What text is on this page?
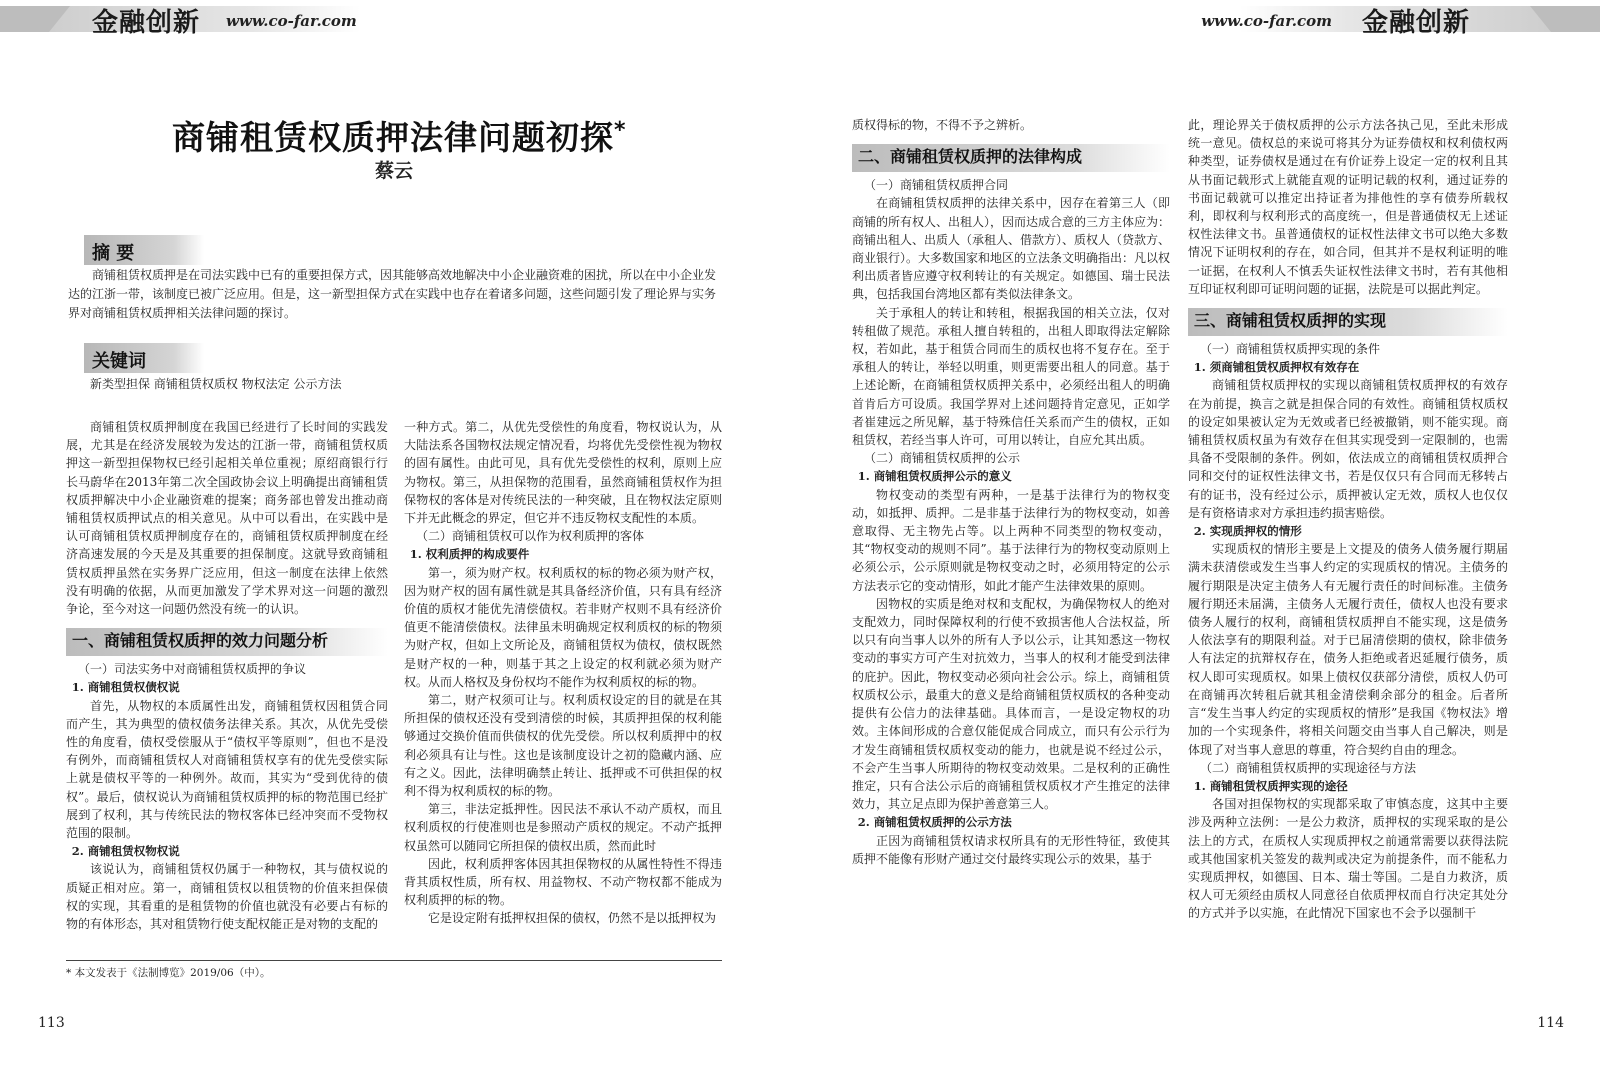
金融创新 www.co-far.com
商铺租赁权质押法律问题初探*
蔡云
摘 要
商铺租赁权质押是在司法实践中已有的重要担保方式，因其能够高效地解决中小企业融资难的困扰，所以在中小企业发达的江浙一带，该制度已被广泛应用。但是，这一新型担保方式在实践中也存在着诸多问题，这些问题引发了理论界与实务界对商铺租赁权质押相关法律问题的探讨。
关键词
新类型担保 商铺租赁权质权 物权法定 公示方法

商铺租赁权质押制度在我国已经进行了长时间的实践发展，尤其是在经济发展较为发达的江浙一带，商铺租赁权质押这一新型担保物权已经引起相关单位重视；原绍商银行行长马蔚华在2013年第二次全国政协会议上明确提出商铺租赁权质押解决中小企业融资难的提案；商务部也曾发出推动商铺租赁权质押试点的相关意见。从中可以看出，在实践中是认可商铺租赁权质押制度存在的，商铺租赁权质押制度在经济高速发展的今天是及其重要的担保制度。这就导致商铺租赁权质押虽然在实务界广泛应用，但这一制度在法律上依然没有明确的依据，从而更加激发了学术界对这一问题的激烈争论，至今对这一问题仍然没有统一的认识。

一、商铺租赁权质押的效力问题分析
（一）司法实务中对商铺租赁权质押的争议
1. 商铺租赁权债权说

首先，从物权的本质属性出发，商铺租赁权因租赁合同而产生，其为典型的债权债务法律关系。其次，从优先受偿性的角度看，债权受偿服从于“债权平等原则”，但也不是没有例外，而商铺租赁权人对商铺租赁权享有的优先受偿实际上就是债权平等的一种例外。故而，其实为“受到优待的债权”。最后，债权说认为商铺租赁权质押的标的物范围已经扩展到了权利，其与传统民法的物权客体已经冲突而不受物权范围的限制。

2. 商铺租赁权物权说

该说认为，商铺租赁权仍属于一种物权，其与债权说的质疑正相对应。第一，商铺租赁权以租赁物的价值来担保债权的实现，其看重的是租赁物的价值也就没有必要占有标的物的有体形态，其对租赁物行使支配权能正是对物的支配的

一种方式。第二，从优先受偿性的角度看，物权说认为，从大陆法系各国物权法规定情况看，均将优先受偿性视为物权的固有属性。由此可见，具有优先受偿性的权利，原则上应为物权。第三，从担保物的范围看，虽然商铺租赁权作为担保物权的客体是对传统民法的一种突破，且在物权法定原则下并无此概念的界定，但它并不违反物权支配性的本质。

（二）商铺租赁权可以作为权利质押的客体
1. 权利质押的构成要件

第一，须为财产权。权利质权的标的物必须为财产权，因为财产权的固有属性就是其具备经济价值，只有具有经济价值的质权才能优先清偿债权。若非财产权则不具有经济价值更不能清偿债权。法律虽未明确规定权利质权的标的物须为财产权，但如上文所论及，商铺租赁权为债权，债权既然是财产权的一种，则基于其之上设定的权利就必须为财产权。从而人格权及身份权均不能作为权利质权的标的物。

第二，财产权须可让与。权利质权设定的目的就是在其所担保的债权还没有受到清偿的时候，其质押担保的权利能够通过交换价值而供债权的优先受偿。所以权利质押中的权利必须具有让与性。这也是该制度设计之初的隐藏内涵、应有之义。因此，法律明确禁止转让、抵押或不可供担保的权利不得为权利质权的标的物。

第三，非法定抵押性。因民法不承认不动产质权，而且权利质权的行使准则也是参照动产质权的规定。不动产抵押权虽然可以随同它所担保的债权出质，然而此时

因此，权利质押客体因其担保物权的从属性特性不得违背其质权性质，所有权、用益物权、不动产物权都不能成为权利质押的标的物。

它是设定附有抵押权担保的债权，仍然不是以抵押权为

* 本文发表于《法制博览》2019/06（中）。
113
www.co-far.com 金融创新

质权得标的物，不得不予之辨析。

二、商铺租赁权质押的法律构成
（一）商铺租赁权质押合同

在商铺租赁权质押的法律关系中，因存在着第三人（即商铺的所有权人、出租人），因而达成合意的三方主体应为：商铺出租人、出质人（承租人、借款方）、质权人（贷款方、商业银行）。大多数国家和地区的立法条文明确指出：凡以权利出质者皆应遵守权利转让的有关规定。如德国、瑞士民法典，包括我国台湾地区都有类似法律条文。

关于承租人的转让和转租，根据我国的相关立法，仅对转租做了规范。承租人擅自转租的，出租人即取得法定解除权，若如此，基于租赁合同而生的质权也将不复存在。至于承租人的转让，举轻以明重，则更需要出租人的同意。基于上述论断，在商铺租赁权质押关系中，必须经出租人的明确首肯后方可设质。我国学界对上述问题持肯定意见，正如学者崔建远之所见解，基于特殊信任关系而产生的债权，正如租赁权，若经当事人许可，可用以转让，自应允其出质。

（二）商铺租赁权质押的公示
1. 商铺租赁权质押公示的意义

物权变动的类型有两种，一是基于法律行为的物权变动，如抵押、质押。二是非基于法律行为的物权变动，如善意取得、无主物先占等。以上两种不同类型的物权变动，其“物权变动的规则不同”。基于法律行为的物权变动原则上必须公示，公示原则就是物权变动之时，必须用特定的公示方法表示它的变动情形，如此才能产生法律效果的原则。

因物权的实质是绝对权和支配权，为确保物权人的绝对支配效力，同时保障权利的行使不致损害他人合法权益，所以只有向当事人以外的所有人予以公示，让其知悉这一物权变动的事实方可产生对抗效力，当事人的权利才能受到法律的庇护。因此，物权变动必须向社会公示。综上，商铺租赁权质权公示，最重大的意义是给商铺租赁权质权的各种变动提供有公信力的法律基础。具体而言，一是设定物权的功效。主体间形成的合意仅能促成合同成立，而只有公示行为才发生商铺租赁权质权变动的能力，也就是说不经过公示，不会产生当事人所期待的物权变动效果。二是权利的正确性推定，只有合法公示后的商铺租赁权质权才产生推定的法律效力，其立足点即为保护善意第三人。

2. 商铺租赁权质押的公示方法

正因为商铺租赁权请求权所具有的无形性特征，致使其质押不能像有形财产通过交付最终实现公示的效果，基于

此，理论界关于债权质押的公示方法各执己见，至此未形成统一意见。债权总的来说可将其分为证券债权和权利债权两种类型，证券债权是通过在有价证券上设定一定的权利且其从书面记载形式上就能直观的证明记载的权利，通过证券的书面记载就可以推定出持证者为排他性的享有债券所载权利，即权利与权利形式的高度统一，但是普通债权无上述证权性法律文书。虽普通债权的证权性法律文书可以绝大多数情况下证明权利的存在，如合同，但其并不是权利证明的唯一证据，在权利人不慎丢失证权性法律文书时，若有其他相互印证权利即可证明问题的证据，法院是可以据此判定。

三、商铺租赁权质押的实现
（一）商铺租赁权质押实现的条件
1. 须商铺租赁权质押权有效存在

商铺租赁权质押权的实现以商铺租赁权质押权的有效存在为前提，换言之就是担保合同的有效性。商铺租赁权质权的设定如果被认定为无效或者已经被撤销，则不能实现。商铺租赁权质权虽为有效存在但其实现受到一定限制的，也需具备不受限制的条件。例如，依法成立的商铺租赁权质押合同和交付的证权性法律文书，若是仅仅只有合同而无移转占有的证书，没有经过公示，质押被认定无效，质权人也仅仅是有资格请求对方承担违约损害赔偿。

2. 实现质押权的情形

实现质权的情形主要是上文提及的债务人债务履行期届满未获清偿或发生当事人约定的实现质权的情况。主债务的履行期限是决定主债务人有无履行责任的时间标准。主债务履行期还未届满，主债务人无履行责任，债权人也没有要求债务人履行的权利，商铺租赁权质押自不能实现，这是债务人依法享有的期限利益。对于已届清偿期的债权，除非债务人有法定的抗辩权存在，债务人拒绝或者迟延履行债务，质权人即可实现质权。如果上债权仅获部分清偿，质权人仍可在商铺再次转租后就其租金清偿剩余部分的租金。后者所言“发生当事人约定的实现质权的情形”是我国《物权法》增加的一个实现条件，将相关问题交由当事人自己解决，则是体现了对当事人意思的尊重，符合契约自由的理念。

（二）商铺租赁权质押的实现途径与方法
1. 商铺租赁权质押实现的途径

各国对担保物权的实现都采取了审慎态度，这其中主要涉及两种立法例：一是公力救济，质押权的实现采取的是公法上的方式，在质权人实现质押权之前通常需要以获得法院或其他国家机关签发的裁判或决定为前提条件，而不能私力实现质押权，如德国、日本、瑞士等国。二是自力救济，质权人可无须经由质权人同意径自依质押权而自行决定其处分的方式并予以实施，在此情况下国家也不会予以强制干

114
